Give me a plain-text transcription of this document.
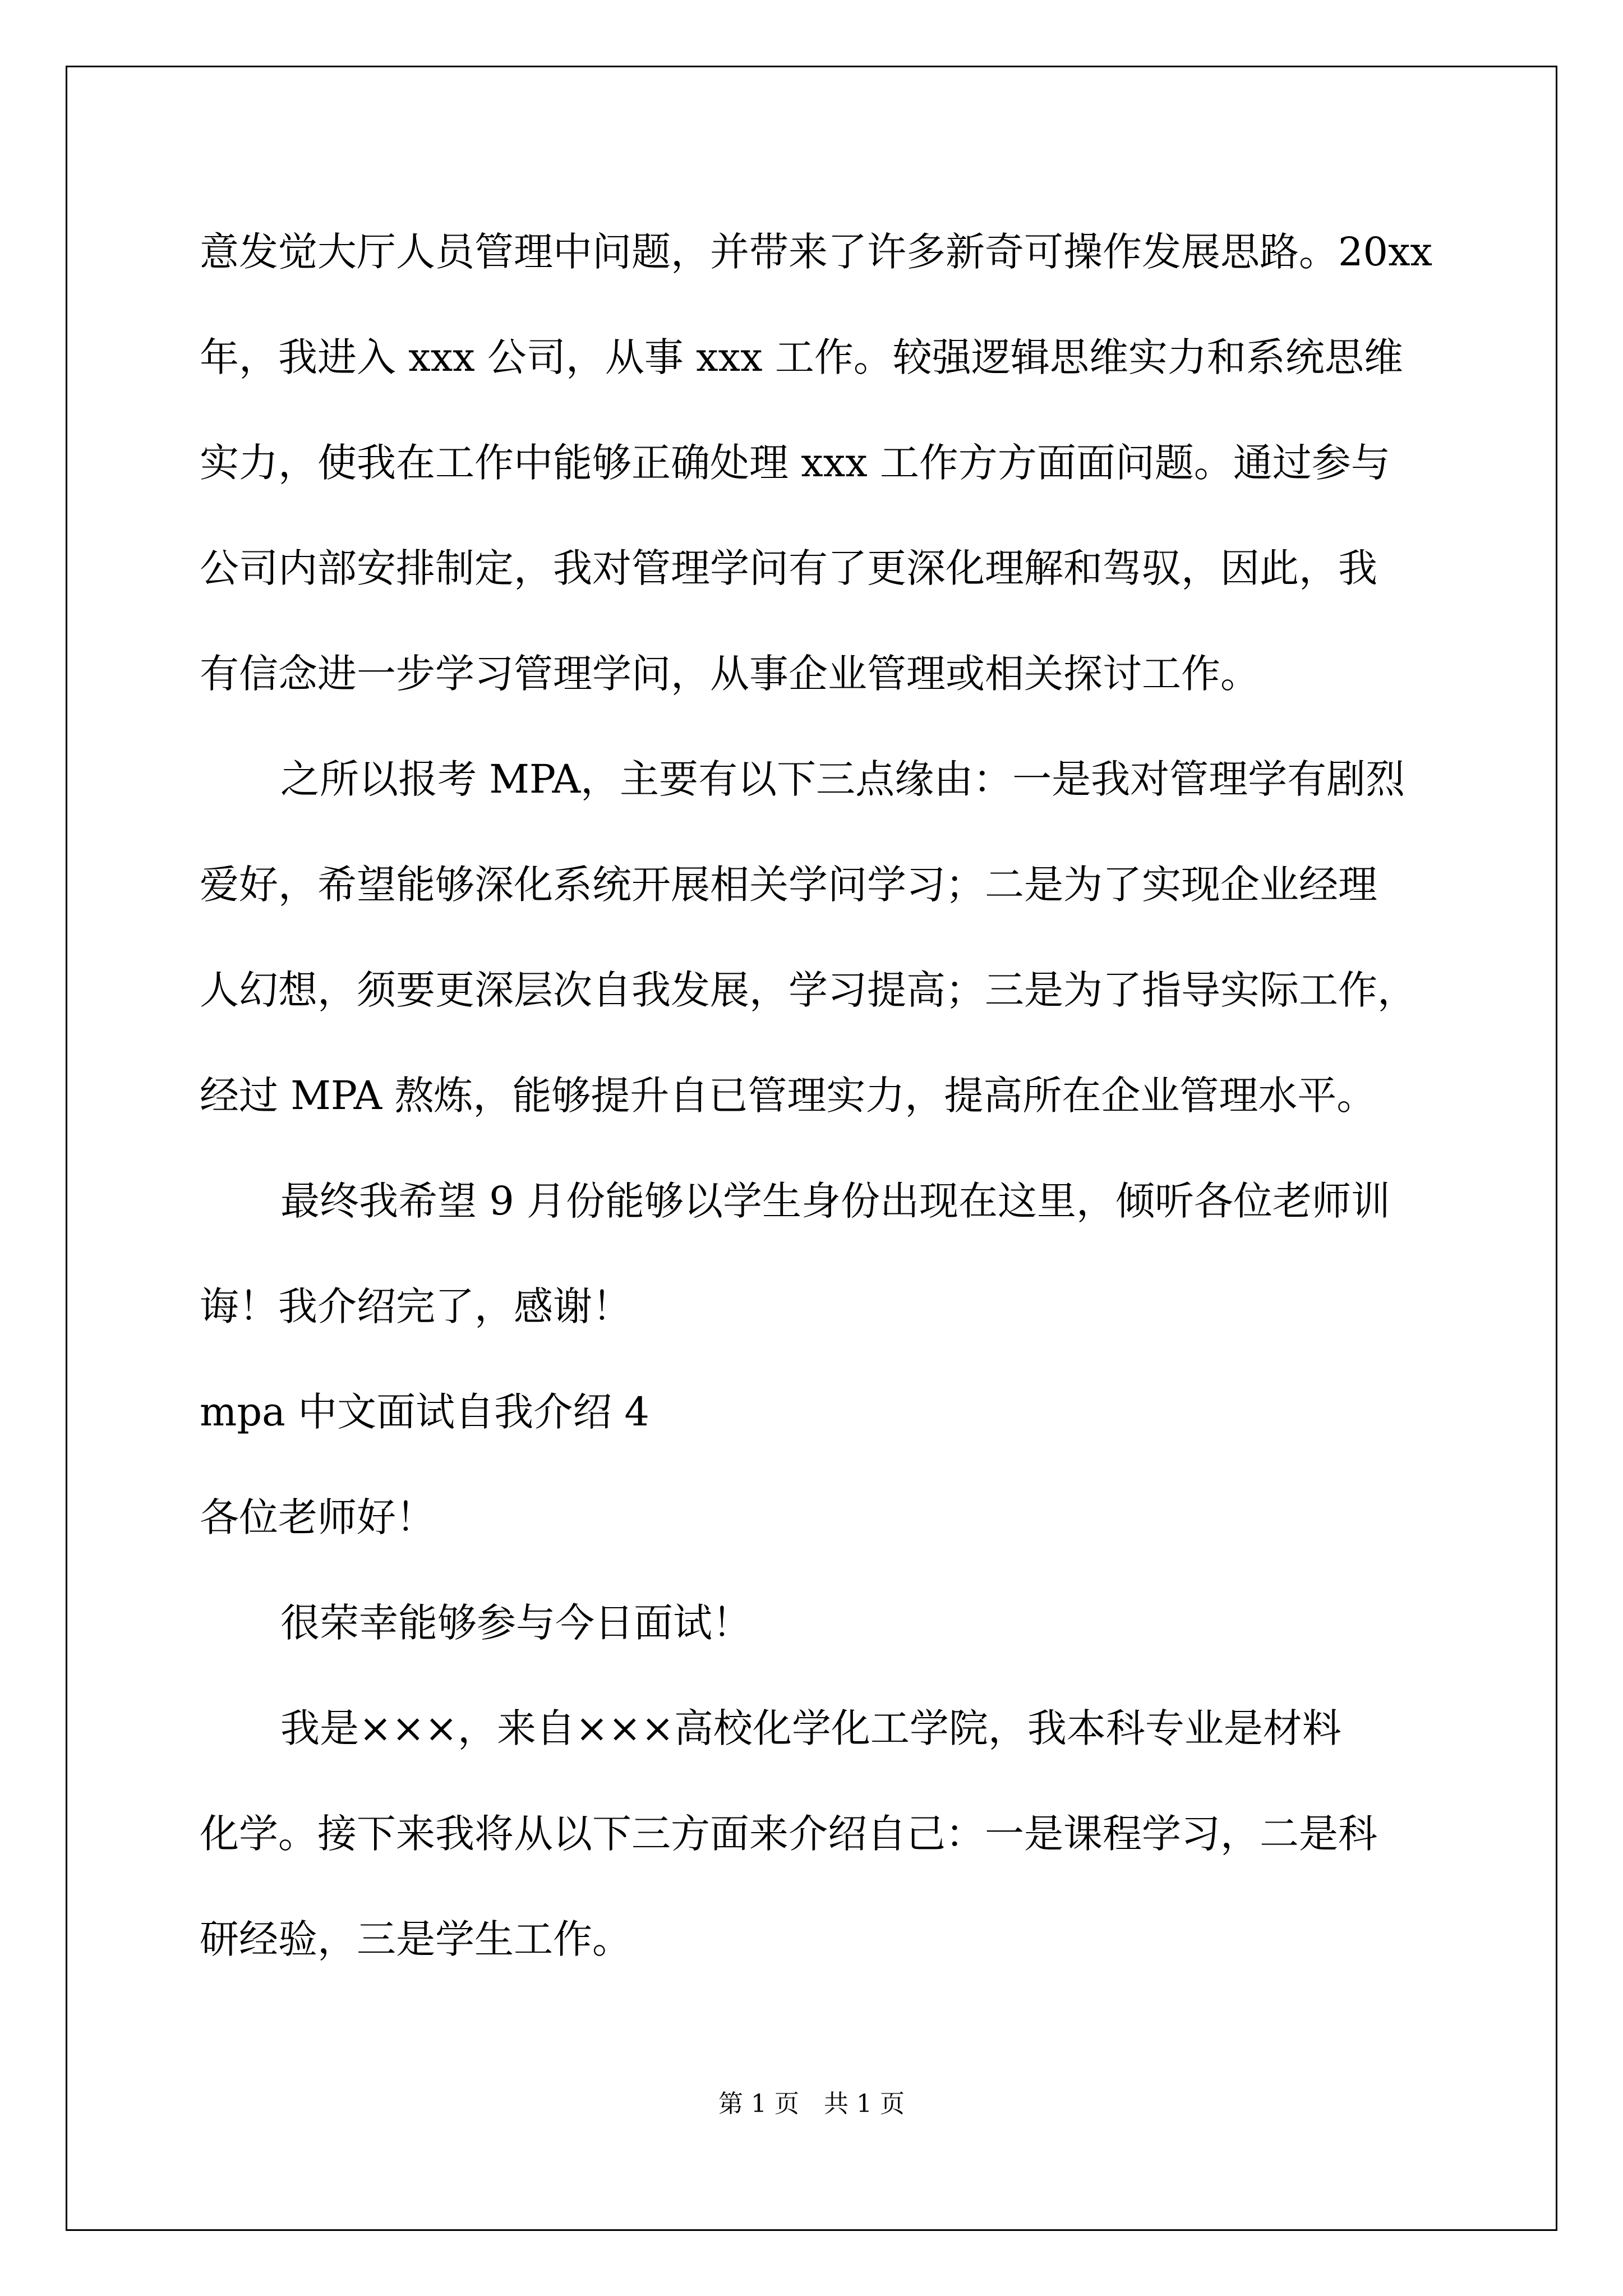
意发觉大厅人员管理中问题，并带来了许多新奇可操作发展思路。20xx

年，我进入 xxx 公司，从事 xxx 工作。较强逻辑思维实力和系统思维

实力，使我在工作中能够正确处理 xxx 工作方方面面问题。通过参与

公司内部安排制定，我对管理学问有了更深化理解和驾驭，因此，我

有信念进一步学习管理学问，从事企业管理或相关探讨工作。

之所以报考 MPA，主要有以下三点缘由：一是我对管理学有剧烈

爱好，希望能够深化系统开展相关学问学习；二是为了实现企业经理

人幻想，须要更深层次自我发展，学习提高；三是为了指导实际工作，

经过 MPA 熬炼，能够提升自已管理实力，提高所在企业管理水平。

最终我希望 9 月份能够以学生身份出现在这里，倾听各位老师训

诲！我介绍完了，感谢！

mpa 中文面试自我介绍 4

各位老师好！

很荣幸能够参与今日面试！

我是×××，来自×××高校化学化工学院，我本科专业是材料

化学。接下来我将从以下三方面来介绍自己：一是课程学习，二是科

研经验，三是学生工作。

第 1 页　共 1 页
